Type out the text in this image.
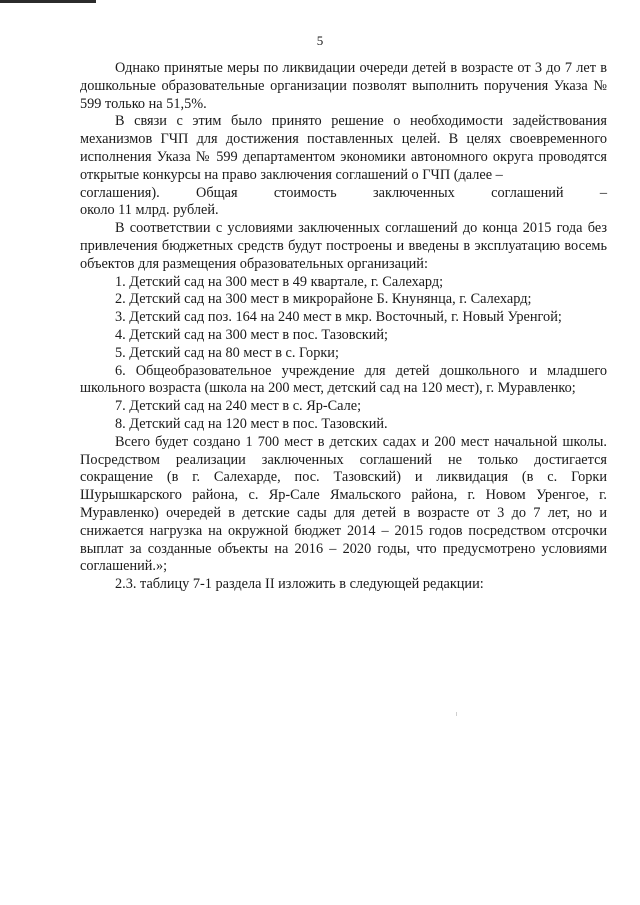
5

Однако принятые меры по ликвидации очереди детей в возрасте от 3 до 7 лет в дошкольные образовательные организации позволят выполнить поручения Указа № 599 только на 51,5%.

В связи с этим было принято решение о необходимости задействования механизмов ГЧП для достижения поставленных целей. В целях своевременного исполнения Указа № 599 департаментом экономики автономного округа проводятся открытые конкурсы на право заключения соглашений о ГЧП (далее –

соглашения). Общая стоимость заключенных соглашений –

около 11 млрд. рублей.

В соответствии с условиями заключенных соглашений до конца 2015 года без привлечения бюджетных средств будут построены и введены в эксплуатацию восемь объектов для размещения образовательных организаций:

1. Детский сад на 300 мест в 49 квартале, г. Салехард;

2. Детский сад на 300 мест в микрорайоне Б. Кнунянца, г. Салехард;

3. Детский сад поз. 164 на 240 мест в мкр. Восточный, г. Новый Уренгой;

4. Детский сад на 300 мест в пос. Тазовский;

5. Детский сад на 80 мест в с. Горки;

6. Общеобразовательное учреждение для детей дошкольного и младшего школьного возраста (школа на 200 мест, детский сад на 120 мест), г. Муравленко;

7. Детский сад на 240 мест в с. Яр-Сале;

8. Детский сад на 120 мест в пос. Тазовский.

Всего будет создано 1 700 мест в детских садах и 200 мест начальной школы. Посредством реализации заключенных соглашений не только достигается сокращение (в г. Салехарде, пос. Тазовский) и ликвидация (в с. Горки Шурышкарского района, с. Яр-Сале Ямальского района, г. Новом Уренгое, г. Муравленко) очередей в детские сады для детей в возрасте от 3 до 7 лет, но и снижается нагрузка на окружной бюджет 2014 – 2015 годов посредством отсрочки выплат за созданные объекты на 2016 – 2020 годы, что предусмотрено условиями соглашений.»;

2.3. таблицу 7-1 раздела II изложить в следующей редакции:
